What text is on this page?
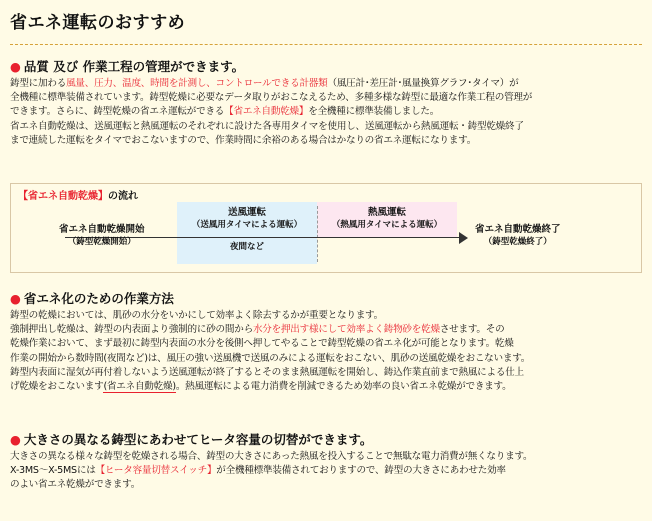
省エネ運転のおすすめ
● 品質 及び 作業工程の管理ができます。
鋳型に加わる風量、圧力、温度、時間を計測し、コントロールできる計器類（風圧計･差圧計･風量換算グラフ･タイマ）が
全機種に標準装備されています。鋳型乾燥に必要なデータ取りがおこなえるため、多種多様な鋳型に最適な作業工程の管理が
できます。さらに、鋳型乾燥の省エネ運転ができる【省エネ自動乾燥】を全機種に標準装備しました。
省エネ自動乾燥は、送風運転と熱風運転のそれぞれに設けた各専用タイマを使用し、送風運転から熱風運転・鋳型乾燥終了
まで連続した運転をタイマでおこないますので、作業時間に余裕のある場合はかなりの省エネ運転になります。
【省エネ自動乾燥】の流れ
省エネ自動乾燥開始
（鋳型乾燥開始）
送風運転
（送風用タイマによる運転）
夜間など
熱風運転
（熱風用タイマによる運転）	省エネ自動乾燥終了
（鋳型乾燥終了）
● 省エネ化のための作業方法
鋳型の乾燥においては、肌砂の水分をいかにして効率よく除去するかが重要となります。
強制押出し乾燥は、鋳型の内表面より強制的に砂の間から水分を押出す様にして効率よく鋳物砂を乾燥させます。その
乾燥作業において、まず最初に鋳型内表面の水分を後側へ押してやることで鋳型乾燥の省エネ化が可能となります。乾燥
作業の開始から数時間(夜間など)は、風圧の強い送風機で送風のみによる運転をおこない、肌砂の送風乾燥をおこないます。
鋳型内表面に湿気が再付着しないよう送風運転が終了するとそのまま熱風運転を開始し、鋳込作業直前まで熱風による仕上
げ乾燥をおこないます(省エネ自動乾燥)。熱風運転による電力消費を削減できるため効率の良い省エネ乾燥ができます。
● 大きさの異なる鋳型にあわせてヒータ容量の切替ができます。
大きさの異なる様々な鋳型を乾燥される場合、鋳型の大きさにあった熱風を投入することで無駄な電力消費が無くなります。
X-3MS～X-5MSには【ヒータ容量切替スイッチ】が全機種標準装備されておりますので、鋳型の大きさにあわせた効率
のよい省エネ乾燥ができます。
